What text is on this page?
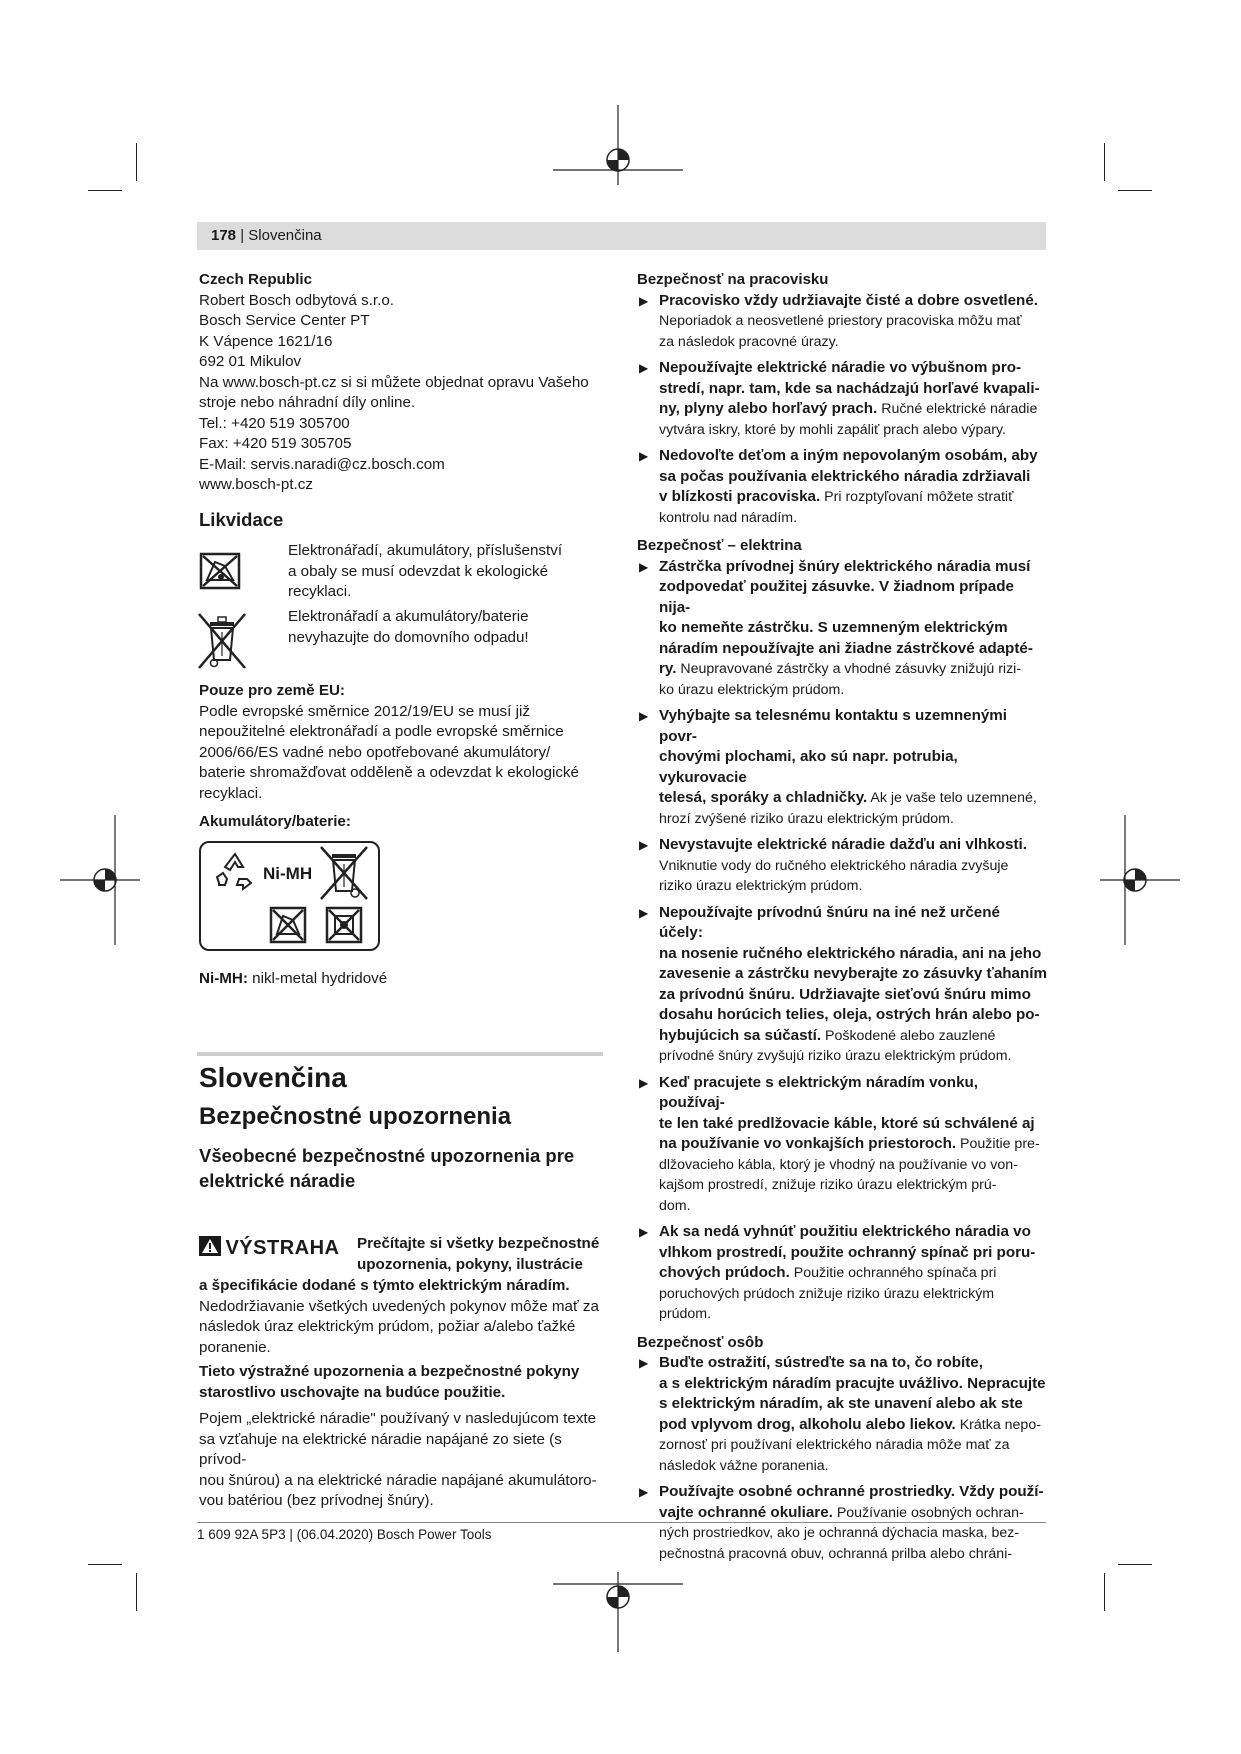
178 | Slovenčina

Czech Republic

Robert Bosch odbytová s.r.o.

Bosch Service Center PT

K Vápence 1621/16

692 01 Mikulov

Na www.bosch-pt.cz si si můžete objednat opravu Vašeho

stroje nebo náhradní díly online.

Tel.: +420 519 305700

Fax: +420 519 305705

E-Mail: servis.naradi@cz.bosch.com

www.bosch-pt.cz

Likvidace

Elektronářadí, akumulátory, příslušenství

a obaly se musí odevzdat k ekologické

recyklaci.

Elektronářadí a akumulátory/baterie

nevyhazujte do domovního odpadu!

Pouze pro země EU:

Podle evropské směrnice 2012/19/EU se musí již

nepoužitelné elektronářadí a podle evropské směrnice

2006/66/ES vadné nebo opotřebované akumulátory/

baterie shromažďovat odděleně a odevzdat k ekologické

recyklaci.

Akumulátory/baterie:

Ni-MH

Ni-MH: nikl-metal hydridové

Slovenčina

Bezpečnostné upozornenia

Všeobecné bezpečnostné upozornenia pre

elektrické náradie

VÝSTRAHA Prečítajte si všetky bezpečnostné

upozornenia, pokyny, ilustrácie

a špecifikácie dodané s týmto elektrickým náradím.

Nedodržiavanie všetkých uvedených pokynov môže mať za

následok úraz elektrickým prúdom, požiar a/alebo ťažké

poranenie.

Tieto výstražné upozornenia a bezpečnostné pokyny

starostlivo uschovajte na budúce použitie.

Pojem „elektrické náradie" používaný v nasledujúcom texte

sa vzťahuje na elektrické náradie napájané zo siete (s prívod-

nou šnúrou) a na elektrické náradie napájané akumulátoro-

vou batériou (bez prívodnej šnúry).

Bezpečnosť na pracovisku

▶ Pracovisko vždy udržiavajte čisté a dobre osvetlené.

Neporiadok a neosvetlené priestory pracoviska môžu mať

za následok pracovné úrazy.

▶ Nepoužívajte elektrické náradie vo výbušnom pro-

stredí, napr. tam, kde sa nachádzajú horľavé kvapali-

ny, plyny alebo horľavý prach. Ručné elektrické náradie

vytvára iskry, ktoré by mohli zapáliť prach alebo výpary.

▶ Nedovoľte deťom a iným nepovolaným osobám, aby

sa počas používania elektrického náradia zdržiavali

v blízkosti pracoviska. Pri rozptyľovaní môžete stratiť

kontrolu nad náradím.

Bezpečnosť – elektrina

▶ Zástrčka prívodnej šnúry elektrického náradia musí

zodpovedať použitej zásuvke. V žiadnom prípade nija-

ko nemeňte zástrčku. S uzemneným elektrickým

náradím nepoužívajte ani žiadne zástrčkové adapté-

ry. Neupravované zástrčky a vhodné zásuvky znižujú rizi-

ko úrazu elektrickým prúdom.

▶ Vyhýbajte sa telesnému kontaktu s uzemnenými povr-

chovými plochami, ako sú napr. potrubia, vykurovacie

telesá, sporáky a chladničky. Ak je vaše telo uzemnené,

hrozí zvýšené riziko úrazu elektrickým prúdom.

▶ Nevystavujte elektrické náradie dažďu ani vlhkosti.

Vniknutie vody do ručného elektrického náradia zvyšuje

riziko úrazu elektrickým prúdom.

▶ Nepoužívajte prívodnú šnúru na iné než určené účely:

na nosenie ručného elektrického náradia, ani na jeho

zavesenie a zástrčku nevyberajte zo zásuvky ťahaním

za prívodnú šnúru. Udržiavajte sieťovú šnúru mimo

dosahu horúcich telies, oleja, ostrých hrán alebo po-

hybujúcich sa súčastí. Poškodené alebo zauzlené

prívodné šnúry zvyšujú riziko úrazu elektrickým prúdom.

▶ Keď pracujete s elektrickým náradím vonku, používaj-

te len také predlžovacie káble, ktoré sú schválené aj

na používanie vo vonkajších priestoroch. Použitie pre-

dlžovacieho kábla, ktorý je vhodný na používanie vo von-

kajšom prostredí, znižuje riziko úrazu elektrickým prú-

dom.

▶ Ak sa nedá vyhnúť použitiu elektrického náradia vo

vlhkom prostredí, použite ochranný spínač pri poru-

chových prúdoch. Použitie ochranného spínača pri

poruchových prúdoch znižuje riziko úrazu elektrickým

prúdom.

Bezpečnosť osôb

▶ Buďte ostražití, sústreďte sa na to, čo robíte,

a s elektrickým náradím pracujte uvážlivo. Nepracujte

s elektrickým náradím, ak ste unavení alebo ak ste

pod vplyvom drog, alkoholu alebo liekov. Krátka nepo-

zornosť pri používaní elektrického náradia môže mať za

následok vážne poranenia.

▶ Používajte osobné ochranné prostriedky. Vždy použí-

vajte ochranné okuliare. Používanie osobných ochran-

ných prostriedkov, ako je ochranná dýchacia maska, bez-

pečnostná pracovná obuv, ochranná prilba alebo chráni-

1 609 92A 5P3 | (06.04.2020) Bosch Power Tools
